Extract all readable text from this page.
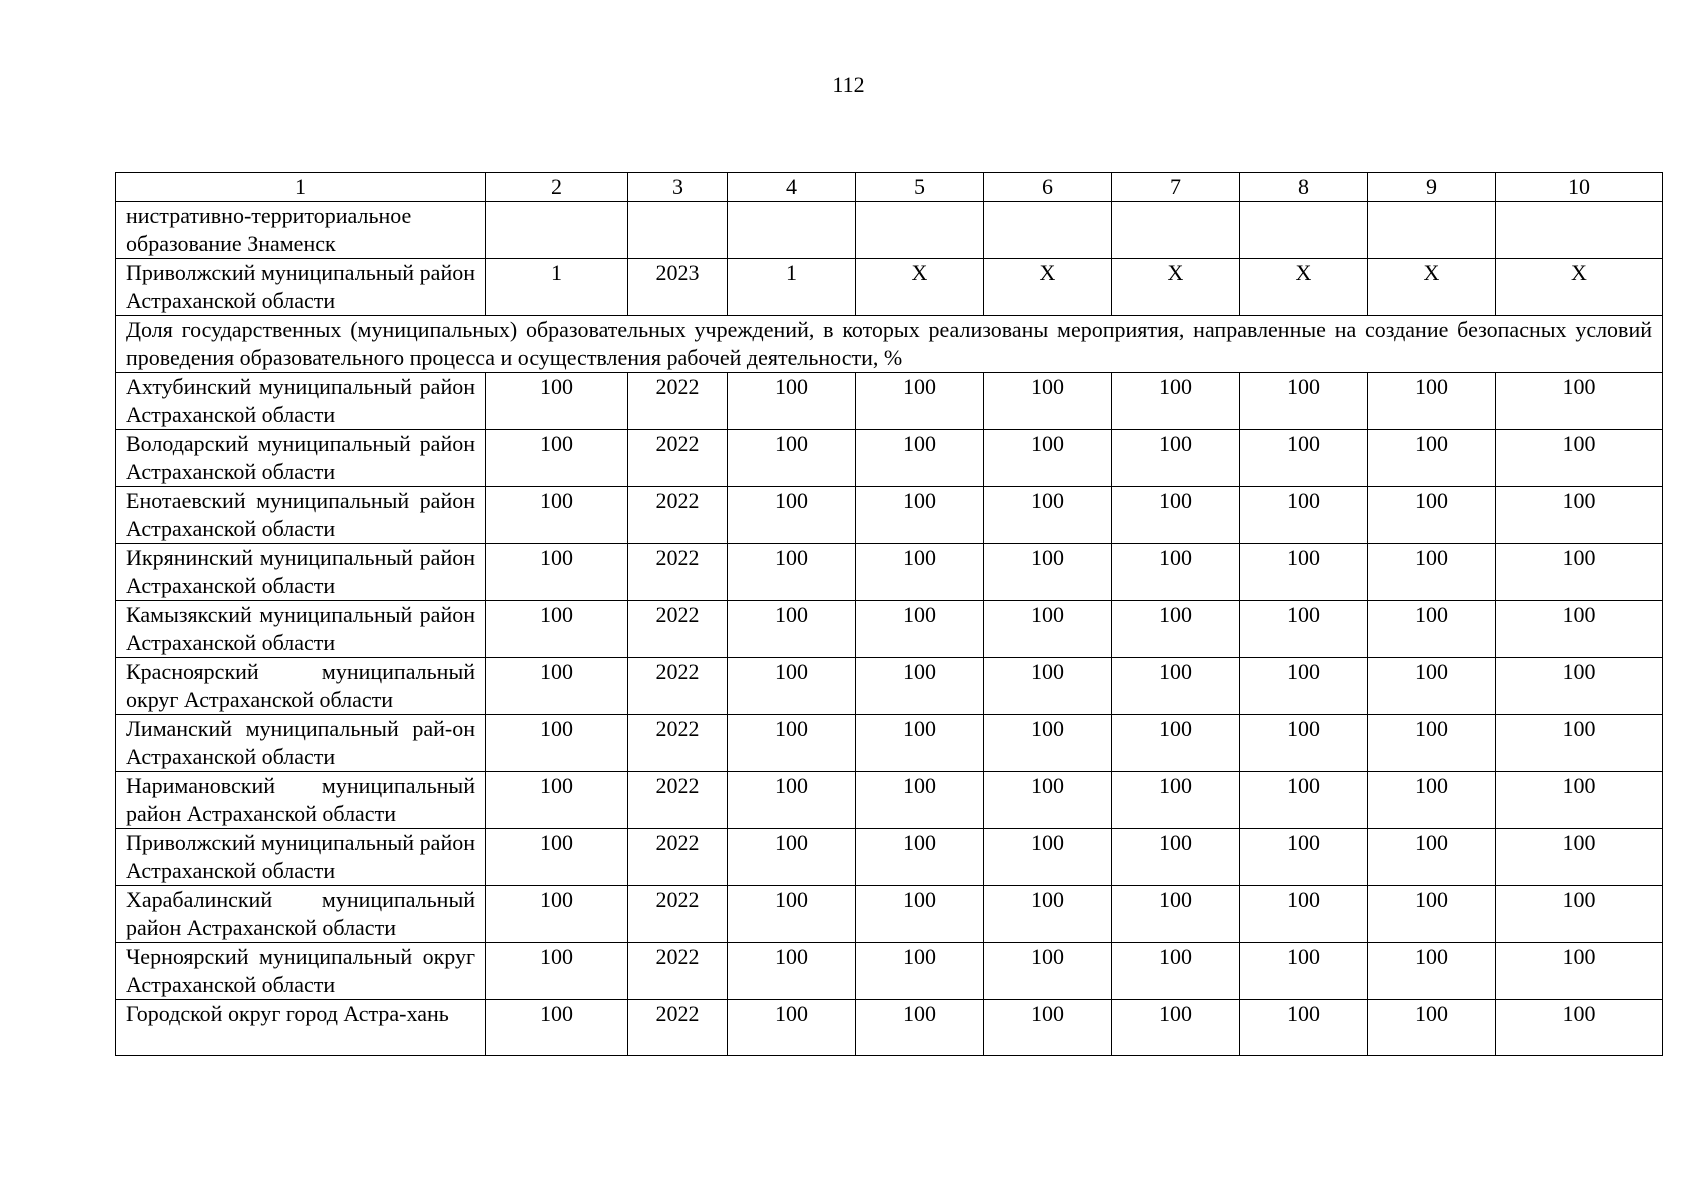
112
1	2	3	4	5	6	7	8	9	10
нистративно-территориальное образование Знаменск									
Приволжский муниципальный район Астраханской области	1	2023	1	Х	Х	Х	Х	Х	Х
Доля государственных (муниципальных) образовательных учреждений, в которых реализованы мероприятия, направленные на создание безопасных условий проведения образовательного процесса и осуществления рабочей деятельности, %									
Ахтубинский муниципальный район Астраханской области	100	2022	100	100	100	100	100	100	100
Володарский муниципальный район Астраханской области	100	2022	100	100	100	100	100	100	100
Енотаевский муниципальный район Астраханской области	100	2022	100	100	100	100	100	100	100
Икрянинский муниципальный район Астраханской области	100	2022	100	100	100	100	100	100	100
Камызякский муниципальный район Астраханской области	100	2022	100	100	100	100	100	100	100
Красноярский муниципальный округ Астраханской области	100	2022	100	100	100	100	100	100	100
Лиманский муниципальный рай-он Астраханской области	100	2022	100	100	100	100	100	100	100
Наримановский муниципальный район Астраханской области	100	2022	100	100	100	100	100	100	100
Приволжский муниципальный район Астраханской области	100	2022	100	100	100	100	100	100	100
Харабалинский муниципальный район Астраханской области	100	2022	100	100	100	100	100	100	100
Черноярский муниципальный округ Астраханской области	100	2022	100	100	100	100	100	100	100
Городской округ город Астра-хань	100	2022	100	100	100	100	100	100	100
